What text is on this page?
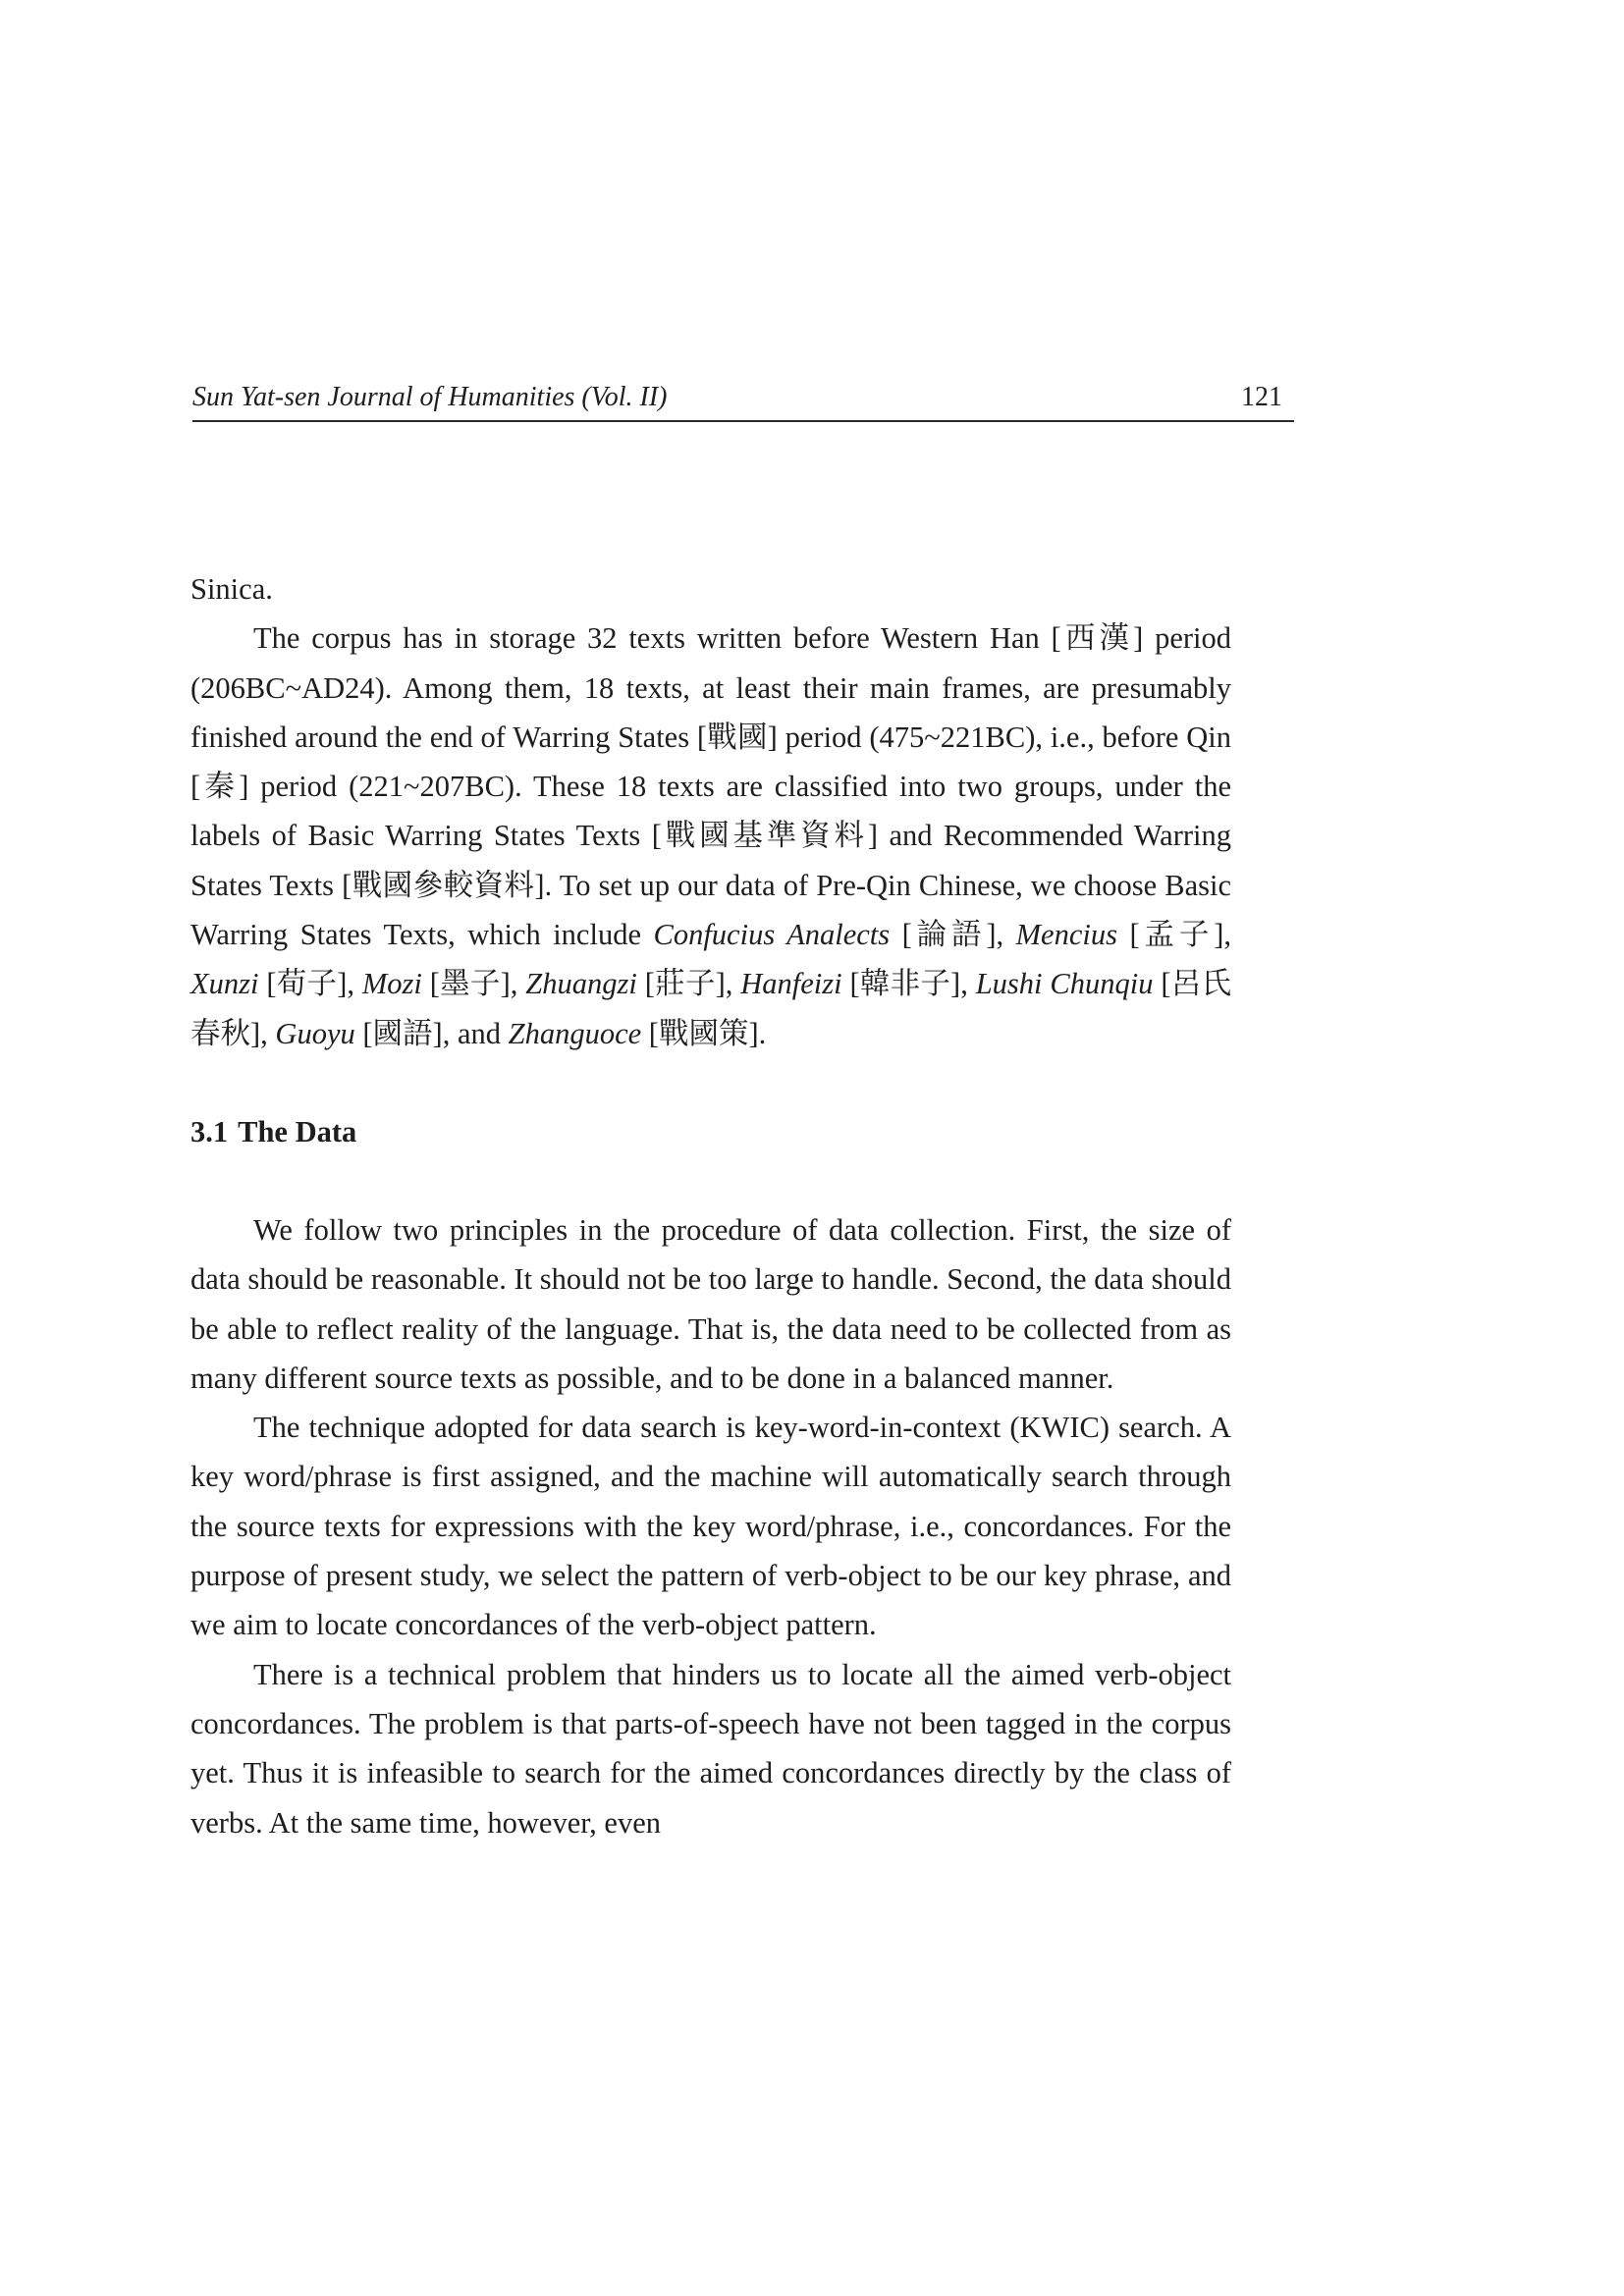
Sun Yat-sen Journal of Humanities (Vol. II)	121

Sinica.

The corpus has in storage 32 texts written before Western Han [西漢] period (206BC~AD24). Among them, 18 texts, at least their main frames, are presumably finished around the end of Warring States [戰國] period (475~221BC), i.e., before Qin [秦] period (221~207BC). These 18 texts are classified into two groups, under the labels of Basic Warring States Texts [戰國基準資料] and Recommended Warring States Texts [戰國參較資料]. To set up our data of Pre-Qin Chinese, we choose Basic Warring States Texts, which include Confucius Analects [論語], Mencius [孟子], Xunzi [荀子], Mozi [墨子], Zhuangzi [莊子], Hanfeizi [韓非子], Lushi Chunqiu [呂氏春秋], Guoyu [國語], and Zhanguoce [戰國策].

3.1 The Data

We follow two principles in the procedure of data collection. First, the size of data should be reasonable. It should not be too large to handle. Second, the data should be able to reflect reality of the language. That is, the data need to be collected from as many different source texts as possible, and to be done in a balanced manner.

The technique adopted for data search is key-word-in-context (KWIC) search. A key word/phrase is first assigned, and the machine will automatically search through the source texts for expressions with the key word/phrase, i.e., concordances. For the purpose of present study, we select the pattern of verb-object to be our key phrase, and we aim to locate concordances of the verb-object pattern.

There is a technical problem that hinders us to locate all the aimed verb-object concordances. The problem is that parts-of-speech have not been tagged in the corpus yet. Thus it is infeasible to search for the aimed concordances directly by the class of verbs. At the same time, however, even
